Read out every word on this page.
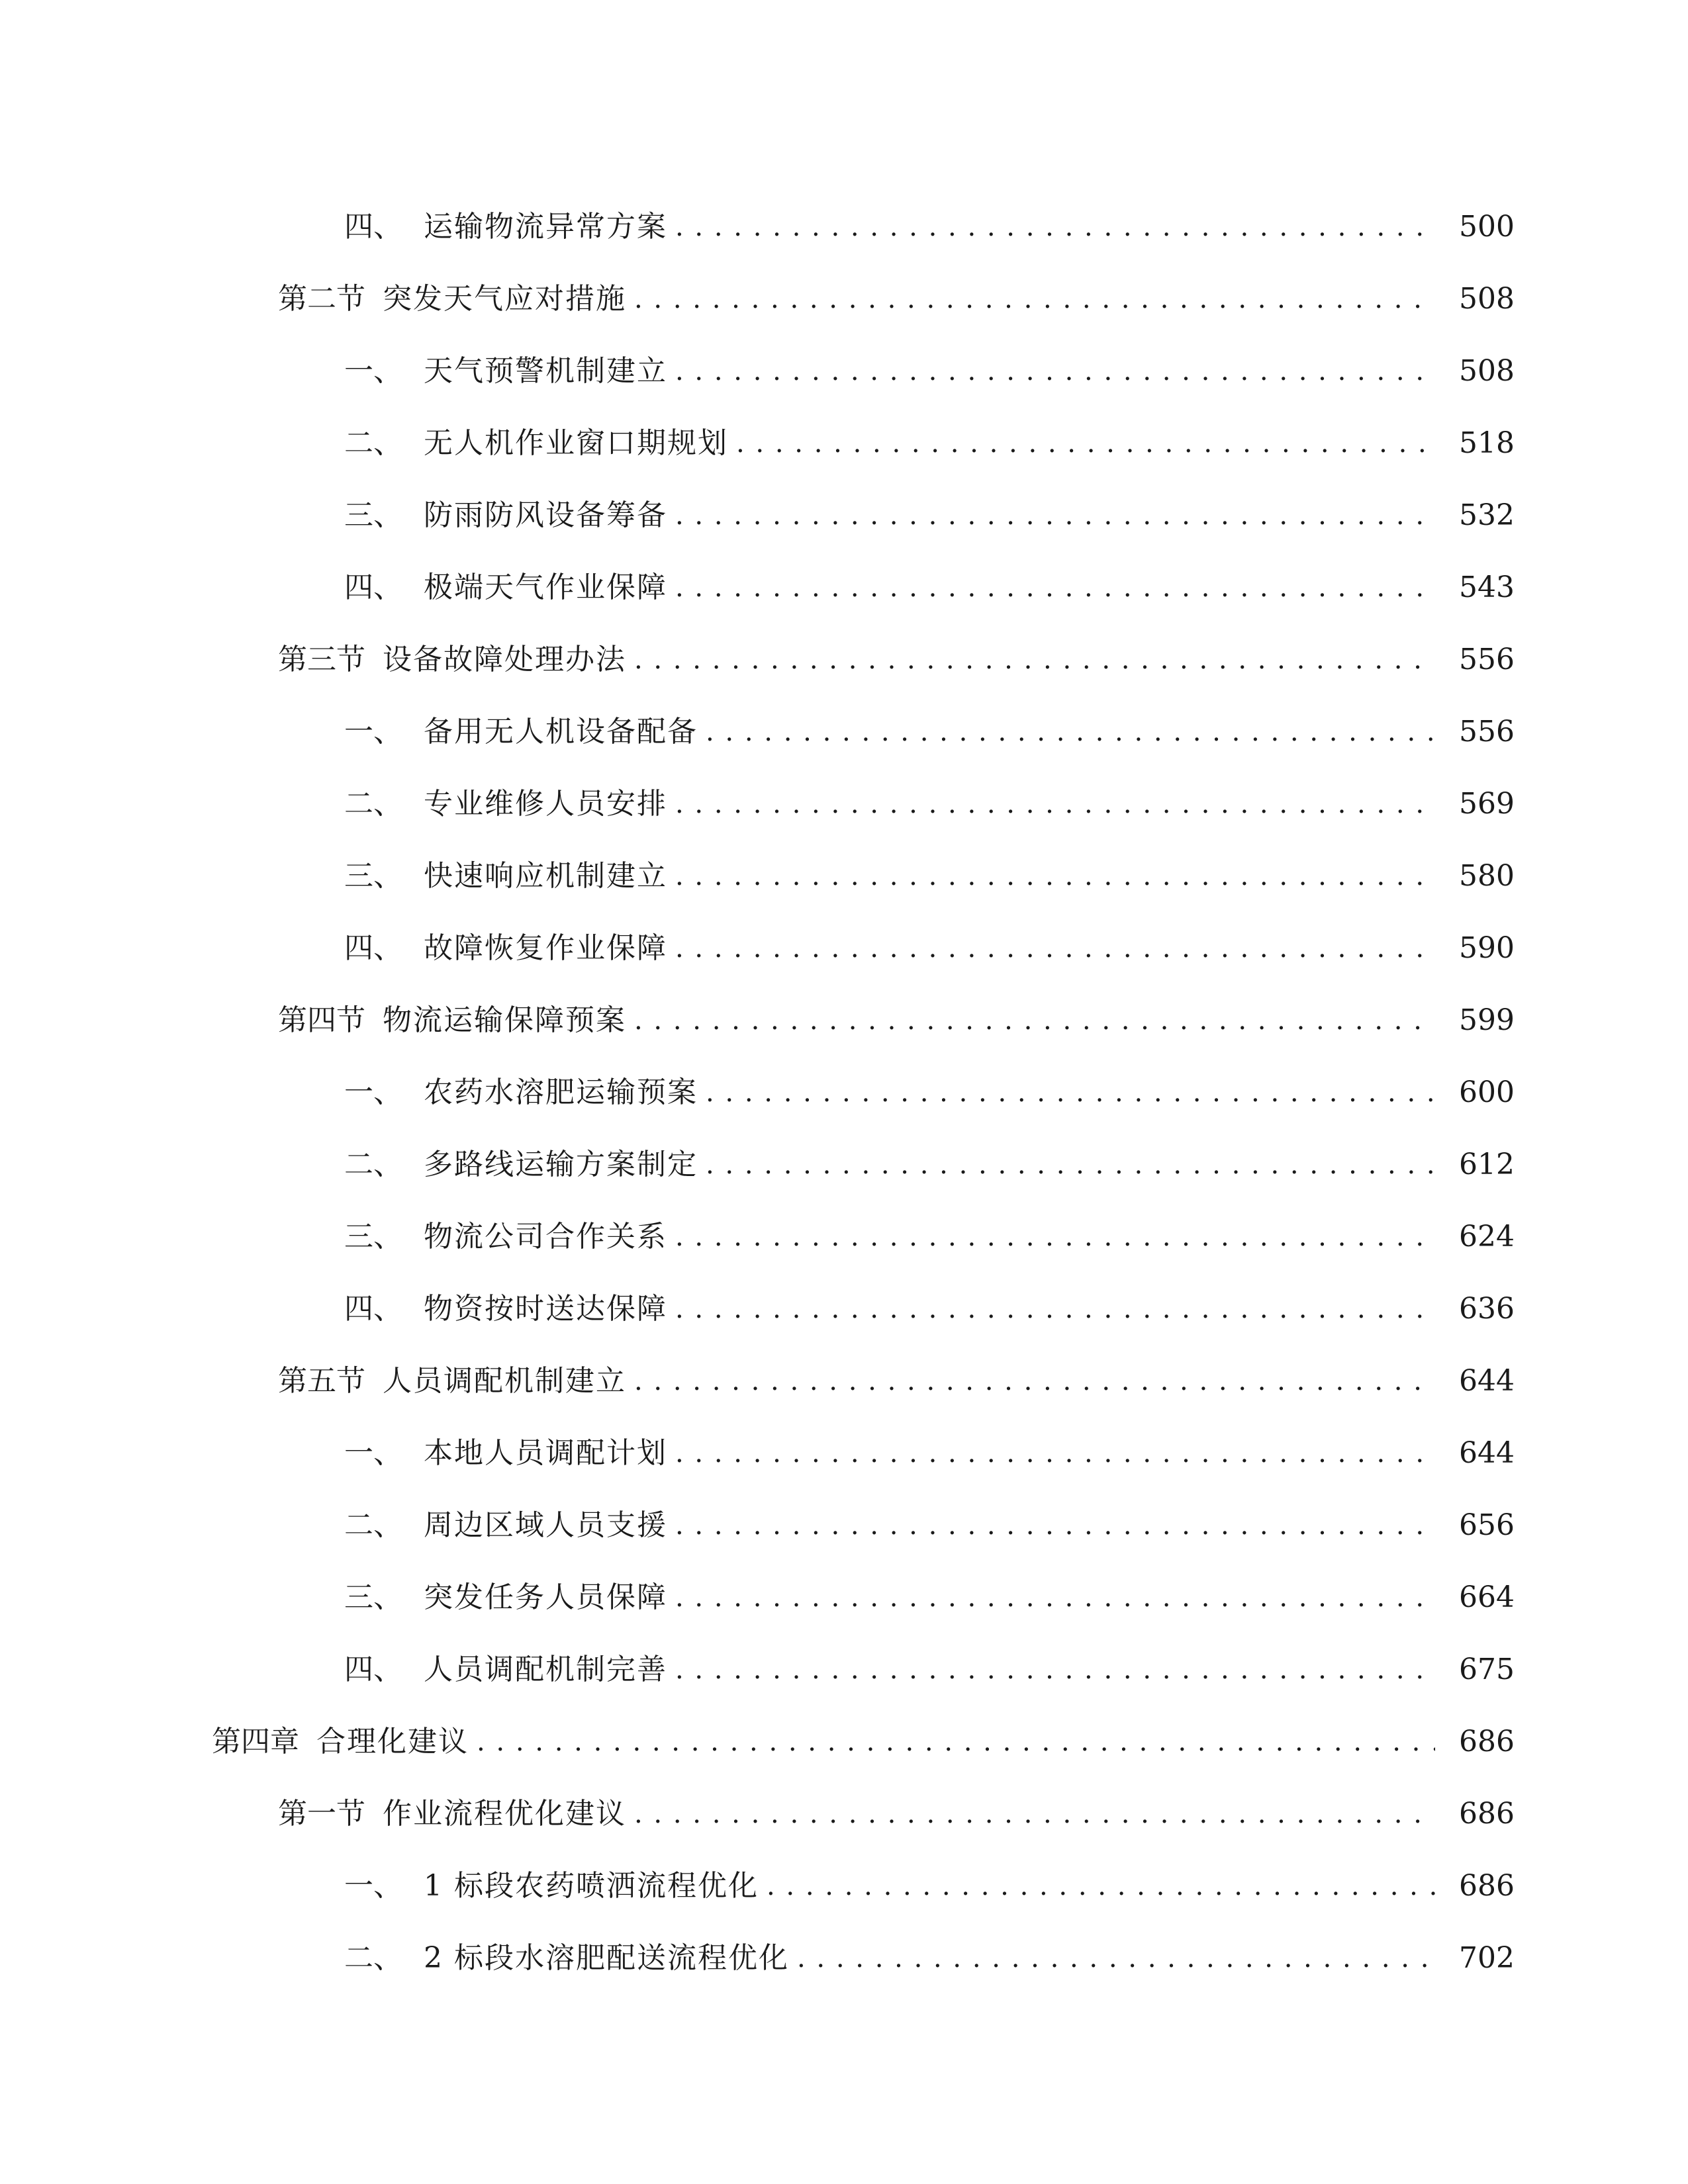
四、 运输物流异常方案 . . .	500
第二节 突发天气应对措施 . . .	508
一、 天气预警机制建立 . . .	508
二、 无人机作业窗口期规划 . . .	518
三、 防雨防风设备筹备 . . .	532
四、 极端天气作业保障 . . .	543
第三节 设备故障处理办法 . . .	556
一、 备用无人机设备配备 . . .	556
二、 专业维修人员安排 . . .	569
三、 快速响应机制建立 . . .	580
四、 故障恢复作业保障 . . .	590
第四节 物流运输保障预案 . . .	599
一、 农药水溶肥运输预案 . . .	600
二、 多路线运输方案制定 . . .	612
三、 物流公司合作关系 . . .	624
四、 物资按时送达保障 . . .	636
第五节 人员调配机制建立 . . .	644
一、 本地人员调配计划 . . .	644
二、 周边区域人员支援 . . .	656
三、 突发任务人员保障 . . .	664
四、 人员调配机制完善 . . .	675
第四章 合理化建议 . . .	686
第一节 作业流程优化建议 . . .	686
一、 1 标段农药喷洒流程优化 . . .	686
二、 2 标段水溶肥配送流程优化 . . .	702
